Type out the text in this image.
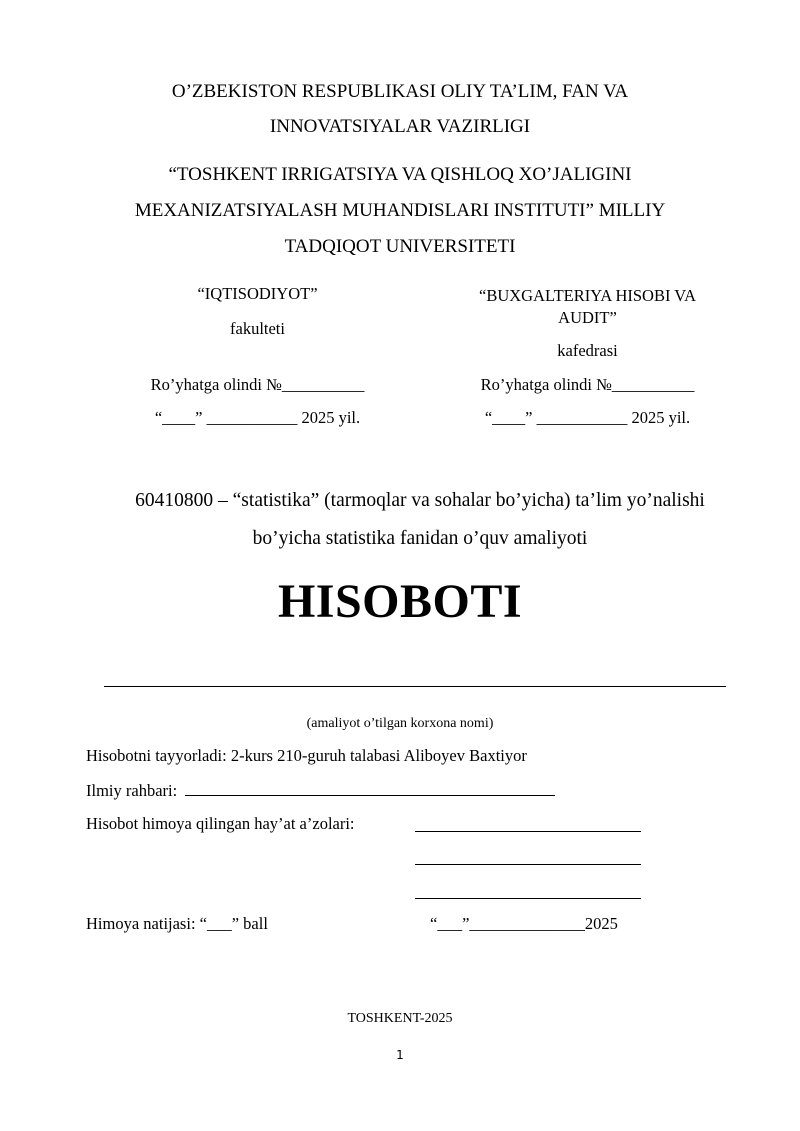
O’ZBEKISTON RESPUBLIKASI OLIY TA’LIM, FAN VA
INNOVATSIYALAR VAZIRLIGI
“TOSHKENT IRRIGATSIYA VA QISHLOQ XO’JALIGINI
MEXANIZATSIYALASH MUHANDISLARI INSTITUTI” MILLIY
TADQIQOT UNIVERSITETI
“IQTISODIYOT”
fakulteti
Ro’yhatga olindi №__________
“____” ___________ 2025 yil.
“BUXGALTERIYA HISOBI VA
AUDIT”
kafedrasi
Ro’yhatga olindi №__________
“____” ___________ 2025 yil.
60410800 – “statistika” (tarmoqlar va sohalar bo’yicha) ta’lim yo’nalishi
bo’yicha statistika fanidan o’quv amaliyoti
HISOBOTI
(amaliyot o’tilgan korxona nomi)
Hisobotni tayyorladi: 2-kurs 210-guruh talabasi Aliboyev Baxtiyor
Ilmiy rahbari:
Hisobot himoya qilingan hay’at a’zolari:
Himoya natijasi: “___” ball	“___”______________2025
TOSHKENT-2025
1
